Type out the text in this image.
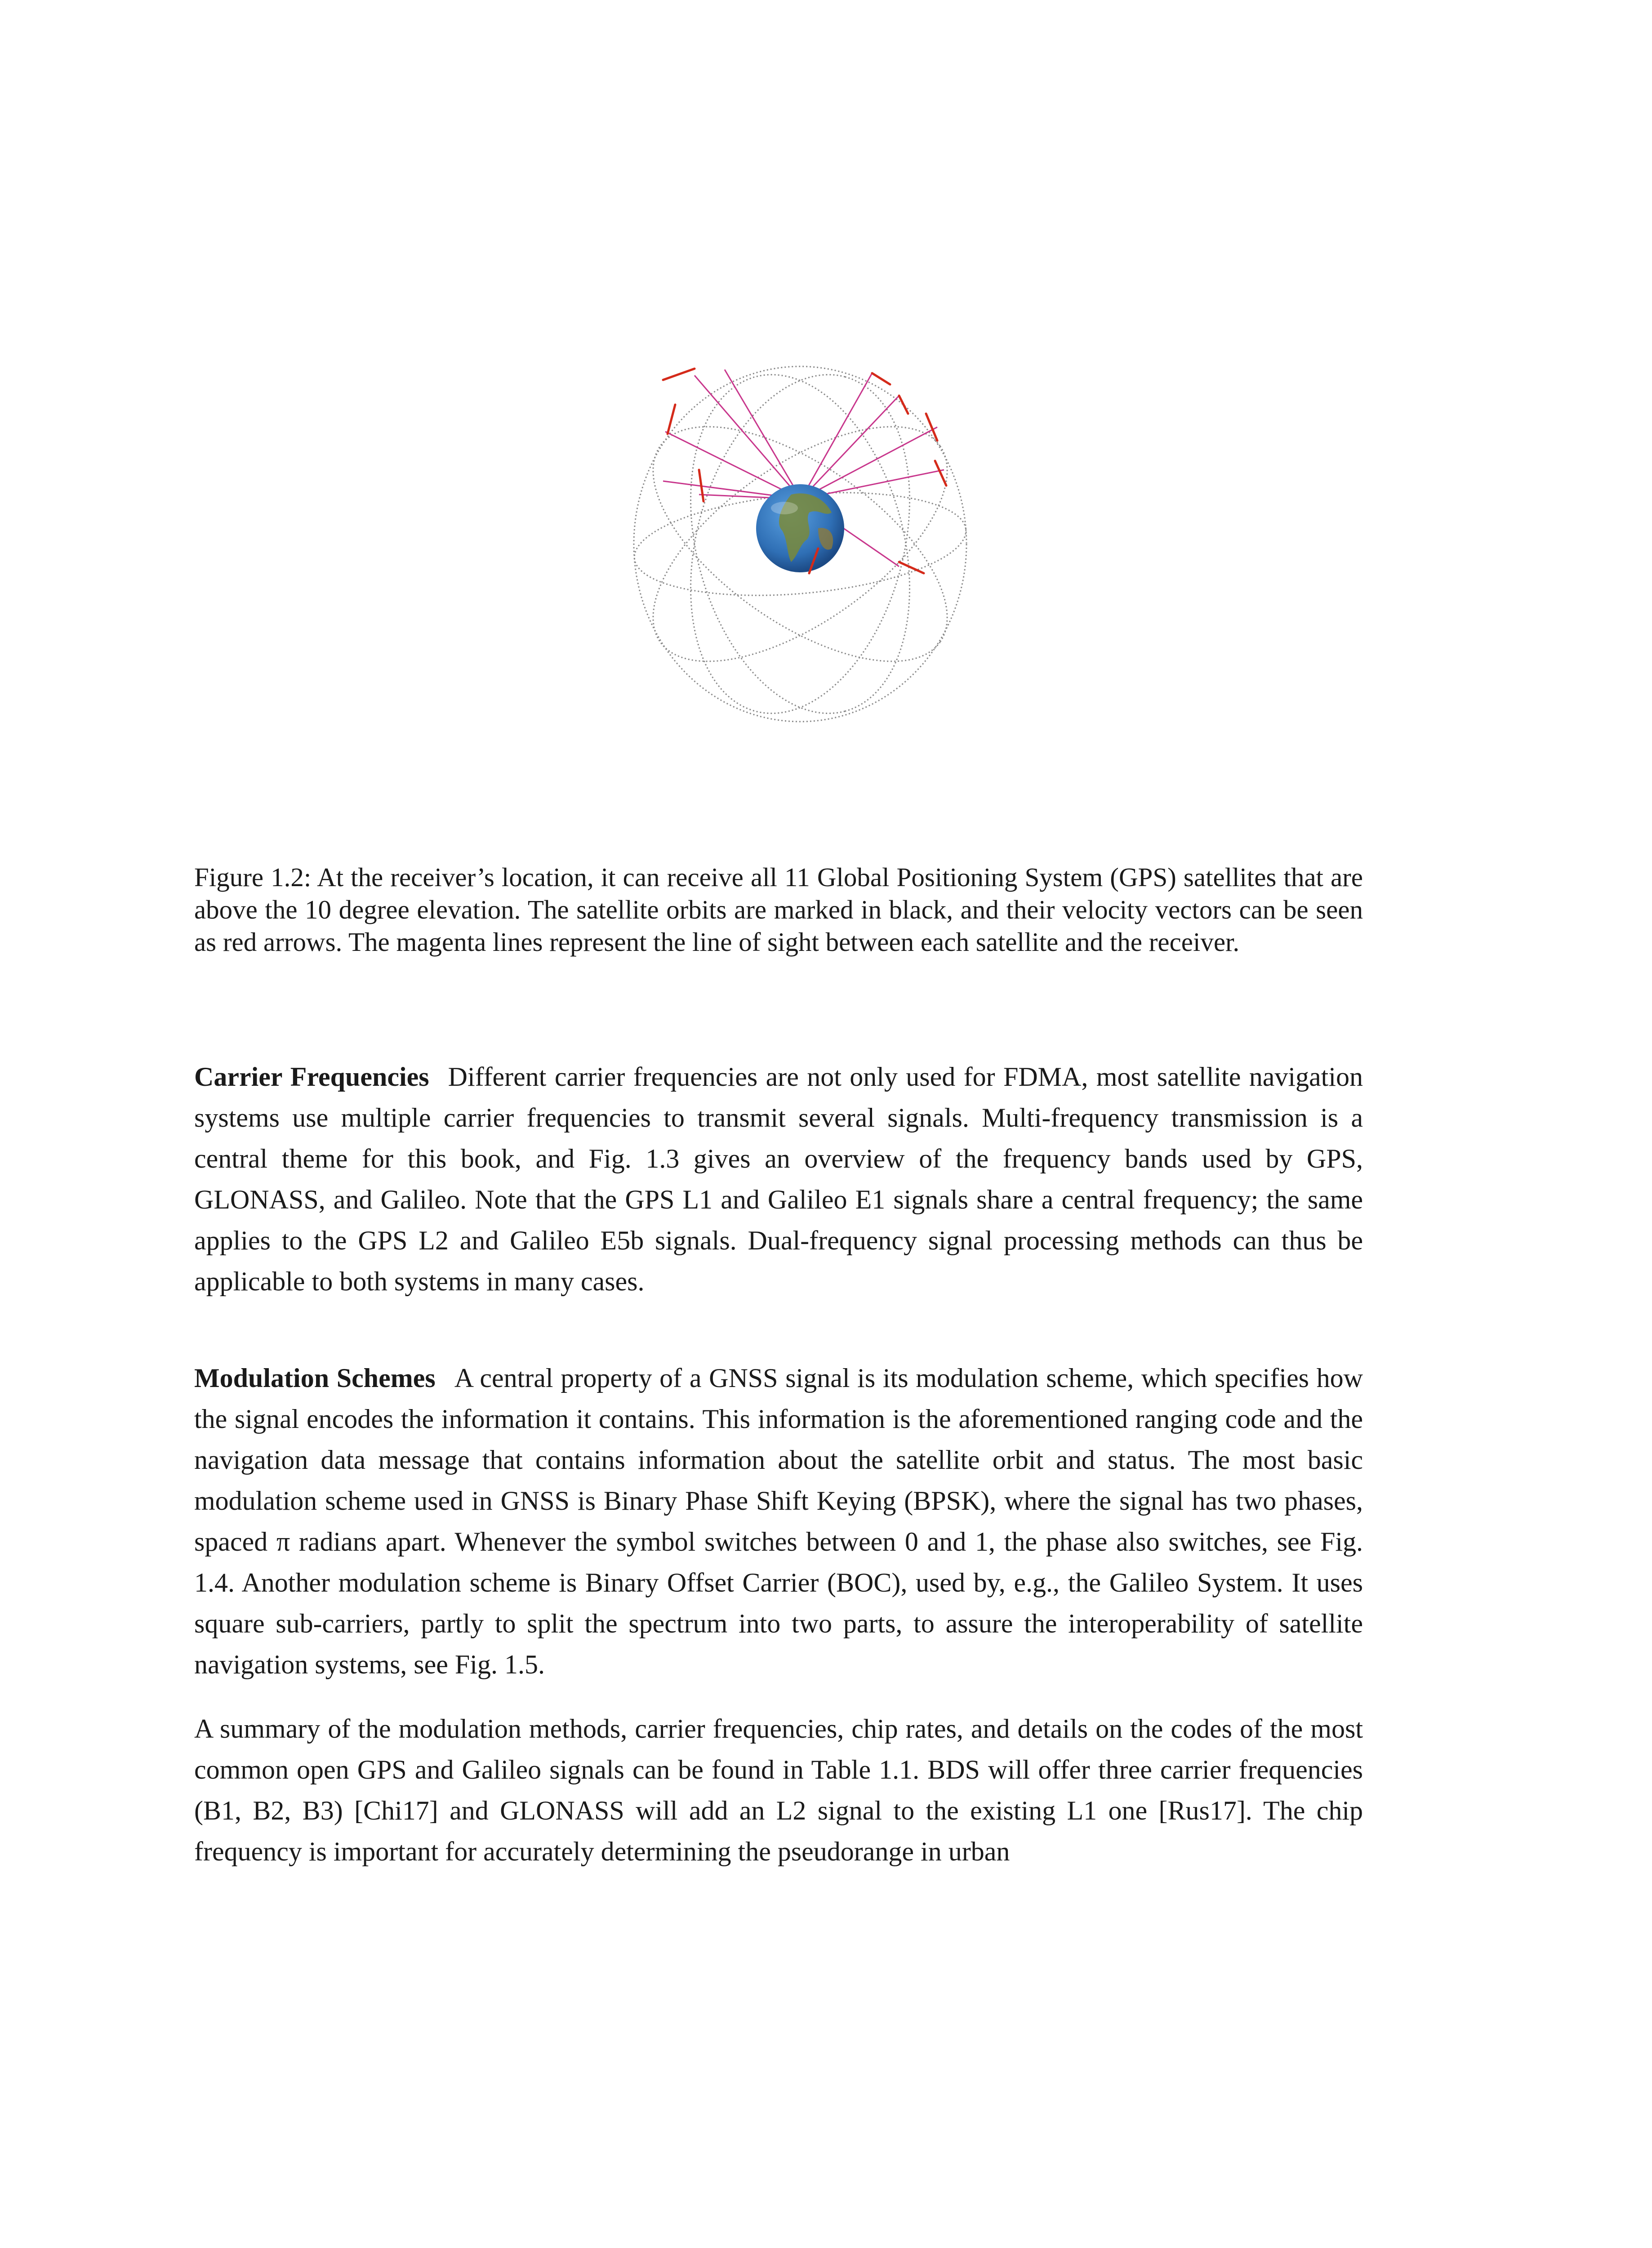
Figure 1.2: At the receiver’s location, it can receive all 11 Global Positioning System (GPS) satellites that are above the 10 degree elevation. The satellite orbits are marked in black, and their velocity vectors can be seen as red arrows. The magenta lines represent the line of sight between each satellite and the receiver.

Carrier Frequencies Different carrier frequencies are not only used for FDMA, most satellite navigation systems use multiple carrier frequencies to transmit several signals. Multi-frequency transmission is a central theme for this book, and Fig. 1.3 gives an overview of the frequency bands used by GPS, GLONASS, and Galileo. Note that the GPS L1 and Galileo E1 signals share a central frequency; the same applies to the GPS L2 and Galileo E5b signals. Dual-frequency signal processing methods can thus be applicable to both systems in many cases.

Modulation Schemes A central property of a GNSS signal is its modulation scheme, which specifies how the signal encodes the information it contains. This information is the aforementioned ranging code and the navigation data message that contains information about the satellite orbit and status. The most basic modulation scheme used in GNSS is Binary Phase Shift Keying (BPSK), where the signal has two phases, spaced π radians apart. Whenever the symbol switches between 0 and 1, the phase also switches, see Fig. 1.4. Another modulation scheme is Binary Offset Carrier (BOC), used by, e.g., the Galileo System. It uses square sub-carriers, partly to split the spectrum into two parts, to assure the interoperability of satellite navigation systems, see Fig. 1.5.

A summary of the modulation methods, carrier frequencies, chip rates, and details on the codes of the most common open GPS and Galileo signals can be found in Table 1.1. BDS will offer three carrier frequencies (B1, B2, B3) [Chi17] and GLONASS will add an L2 signal to the existing L1 one [Rus17]. The chip frequency is important for accurately determining the pseudorange in urban
